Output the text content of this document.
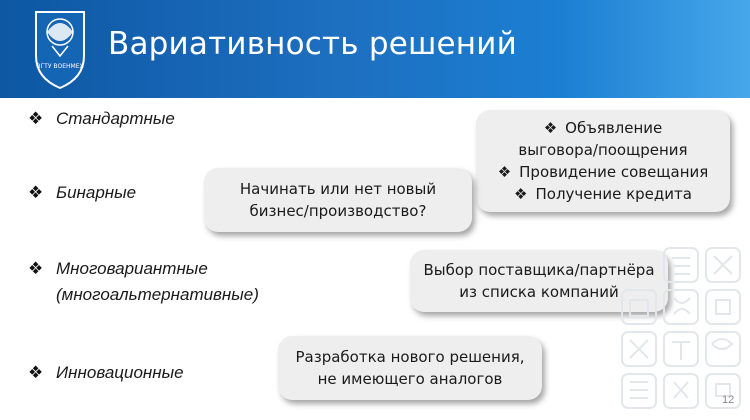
ВГТУ ВОЕНМЕХ
Вариативность решений
❖ Стандартные
❖ Бинарные
❖ Многовариантные
(многоальтернативные)
❖ Инновационные
❖ Объявление
выговора/поощрения
❖ Провидение совещания
❖ Получение кредита
Начинать или нет новый
бизнес/производство?
Выбор поставщика/партнёра
из списка компаний
Разработка нового решения,
не имеющего аналогов
12
